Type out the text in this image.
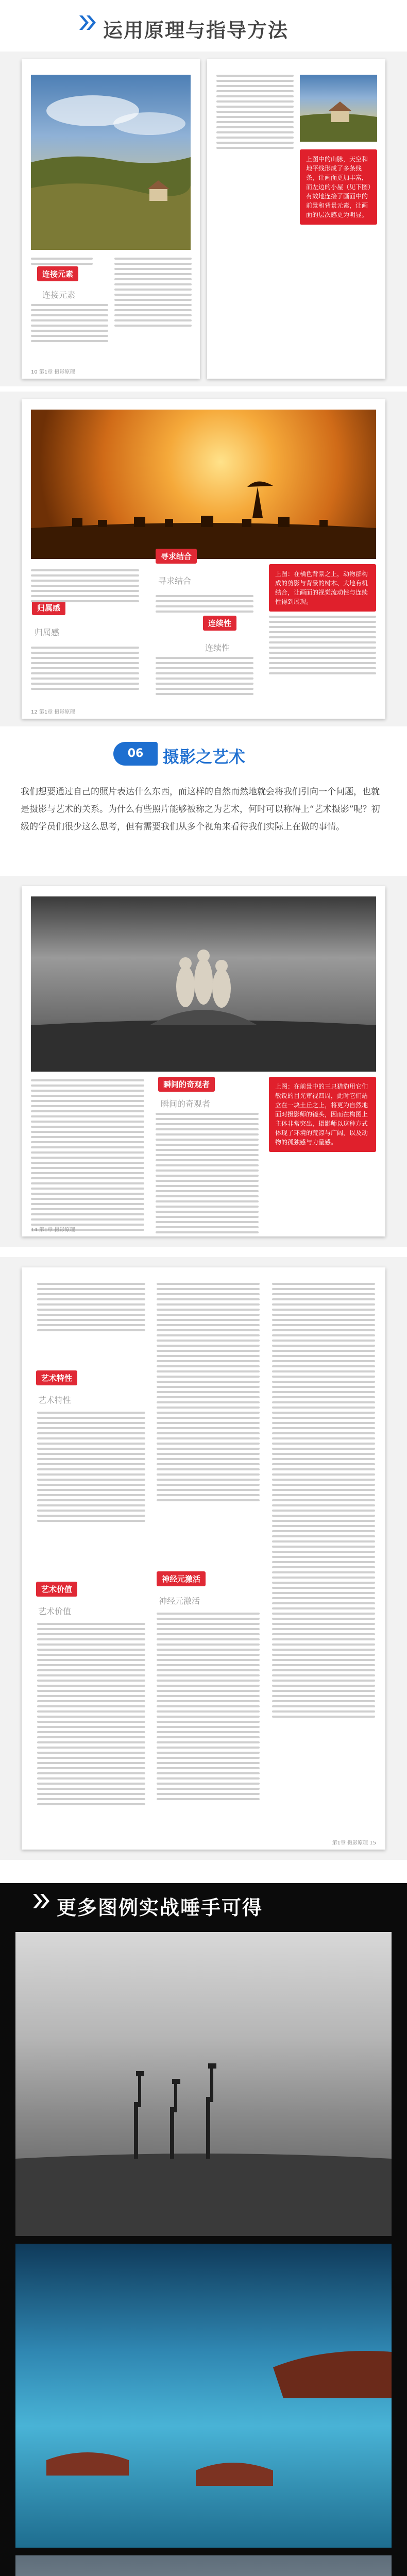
运用原理与指导方法
连接元素
连接元素
10 第1章 摄影原理
上图中的山脉，天空和地平线形成了多条线条，让画面更加丰富，而左边的小屋（见下图）有效地连接了画面中的前景和背景元素，让画面的层次感更为明显。
寻求结合
归属感
连续性
寻求结合
归属感
连续性
上图：在橘色背景之上，动物群构成的剪影与背景的树木、大地有机结合，让画面的视觉流动性与连续性得到展现。
12 第1章 摄影原理
06	摄影之艺术
我们想要通过自己的照片表达什么东西，而这样的自然而然地就会将我们引向一个问题，也就是摄影与艺术的关系。为什么有些照片能够被称之为艺术，何时可以称得上“艺术摄影”呢？初级的学员们很少这么思考，但有需要我们从多个视角来看待我们实际上在做的事情。
瞬间的奇观者
瞬间的奇观者
上图：在前景中的三只猎豹用它们敏锐的目光审视四周，此时它们站立在一块土丘之上，将更为自然地面对摄影师的镜头，因而在构图上主体非常突出，摄影师以这种方式体现了环境的荒凉与广阔，以及动物的孤独感与力量感。
14 第1章 摄影原理
艺术特性
艺术特性
艺术价值
艺术价值
神经元激活
神经元激活
第1章 摄影原理 15
更多图例实战唾手可得
